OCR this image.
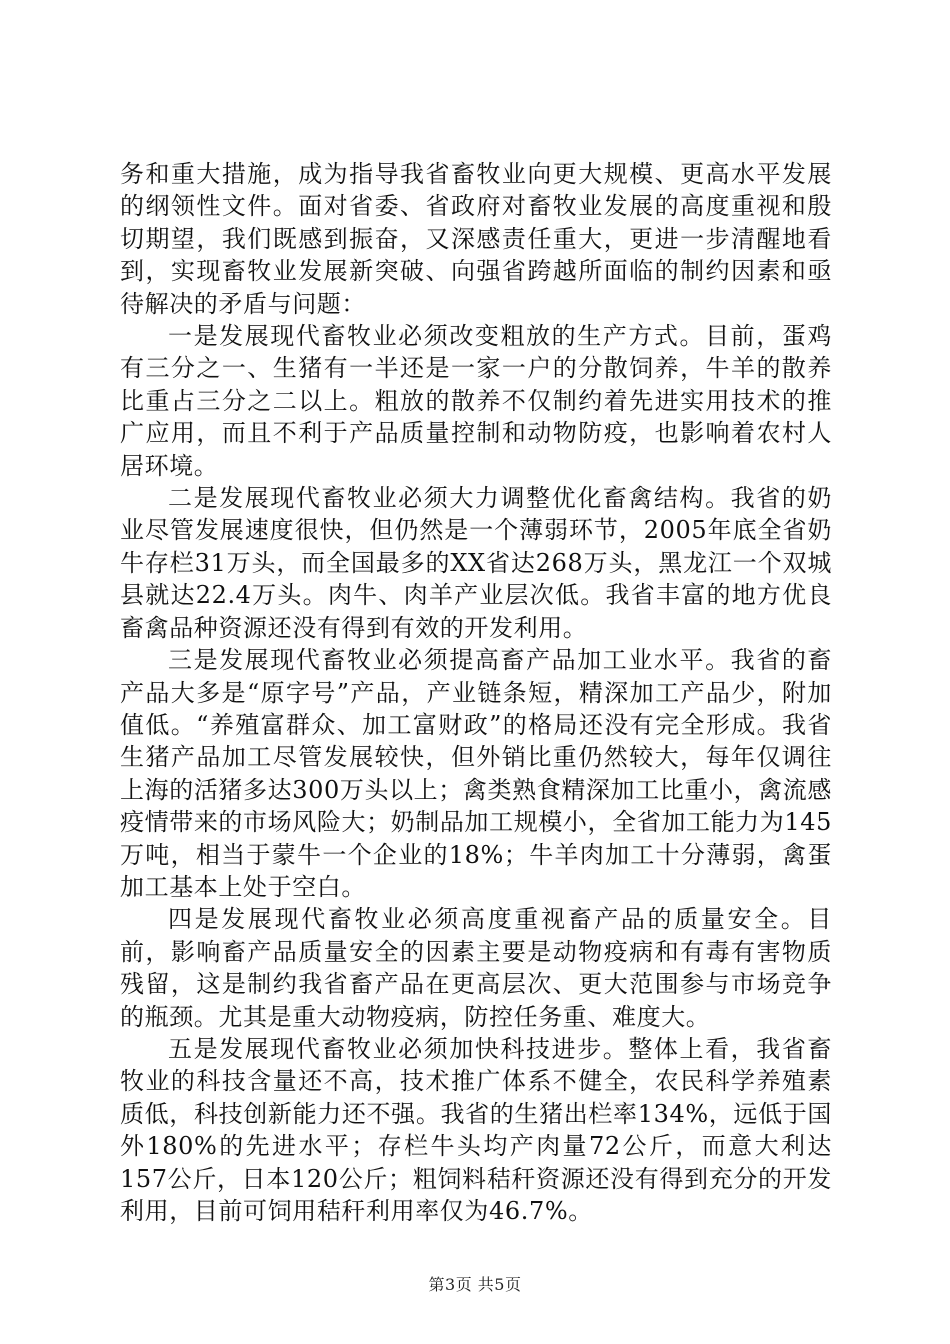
务和重大措施，成为指导我省畜牧业向更大规模、更高水平发展的纲领性文件。面对省委、省政府对畜牧业发展的高度重视和殷切期望，我们既感到振奋，又深感责任重大，更进一步清醒地看到，实现畜牧业发展新突破、向强省跨越所面临的制约因素和亟待解决的矛盾与问题：

一是发展现代畜牧业必须改变粗放的生产方式。目前，蛋鸡有三分之一、生猪有一半还是一家一户的分散饲养，牛羊的散养比重占三分之二以上。粗放的散养不仅制约着先进实用技术的推广应用，而且不利于产品质量控制和动物防疫，也影响着农村人居环境。

二是发展现代畜牧业必须大力调整优化畜禽结构。我省的奶业尽管发展速度很快，但仍然是一个薄弱环节，2005年底全省奶牛存栏31万头，而全国最多的XX省达268万头，黑龙江一个双城县就达22.4万头。肉牛、肉羊产业层次低。我省丰富的地方优良畜禽品种资源还没有得到有效的开发利用。

三是发展现代畜牧业必须提高畜产品加工业水平。我省的畜产品大多是“原字号”产品，产业链条短，精深加工产品少，附加值低。“养殖富群众、加工富财政”的格局还没有完全形成。我省生猪产品加工尽管发展较快，但外销比重仍然较大，每年仅调往上海的活猪多达300万头以上；禽类熟食精深加工比重小，禽流感疫情带来的市场风险大；奶制品加工规模小，全省加工能力为145万吨，相当于蒙牛一个企业的18%；牛羊肉加工十分薄弱，禽蛋加工基本上处于空白。

四是发展现代畜牧业必须高度重视畜产品的质量安全。目前，影响畜产品质量安全的因素主要是动物疫病和有毒有害物质残留，这是制约我省畜产品在更高层次、更大范围参与市场竞争的瓶颈。尤其是重大动物疫病，防控任务重、难度大。

五是发展现代畜牧业必须加快科技进步。整体上看，我省畜牧业的科技含量还不高，技术推广体系不健全，农民科学养殖素质低，科技创新能力还不强。我省的生猪出栏率134%，远低于国外180%的先进水平；存栏牛头均产肉量72公斤，而意大利达157公斤，日本120公斤；粗饲料秸秆资源还没有得到充分的开发利用，目前可饲用秸秆利用率仅为46.7%。

第3页 共5页
